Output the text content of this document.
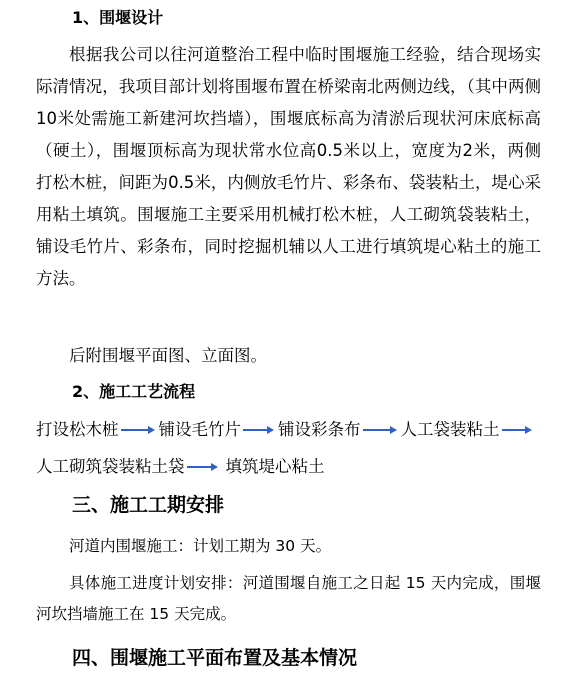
1、围堰设计

根据我公司以往河道整治工程中临时围堰施工经验，结合现场实际清情况，我项目部计划将围堰布置在桥梁南北两侧边线，（其中两侧10米处需施工新建河坎挡墙），围堰底标高为清淤后现状河床底标高（硬土），围堰顶标高为现状常水位高0.5米以上，宽度为2米，两侧打松木桩，间距为0.5米，内侧放毛竹片、彩条布、袋装粘土，堤心采用粘土填筑。围堰施工主要采用机械打松木桩，人工砌筑袋装粘土，铺设毛竹片、彩条布，同时挖掘机辅以人工进行填筑堤心粘土的施工方法。

后附围堰平面图、立面图。

2、施工工艺流程
打设松木桩 铺设毛竹片 铺设彩条布 人工袋装粘土
人工砌筑袋装粘土袋 填筑堤心粘土
三、施工工期安排

河道内围堰施工：计划工期为 30 天。

具体施工进度计划安排：河道围堰自施工之日起 15 天内完成，围堰河坎挡墙施工在 15 天完成。

四、围堰施工平面布置及基本情况
